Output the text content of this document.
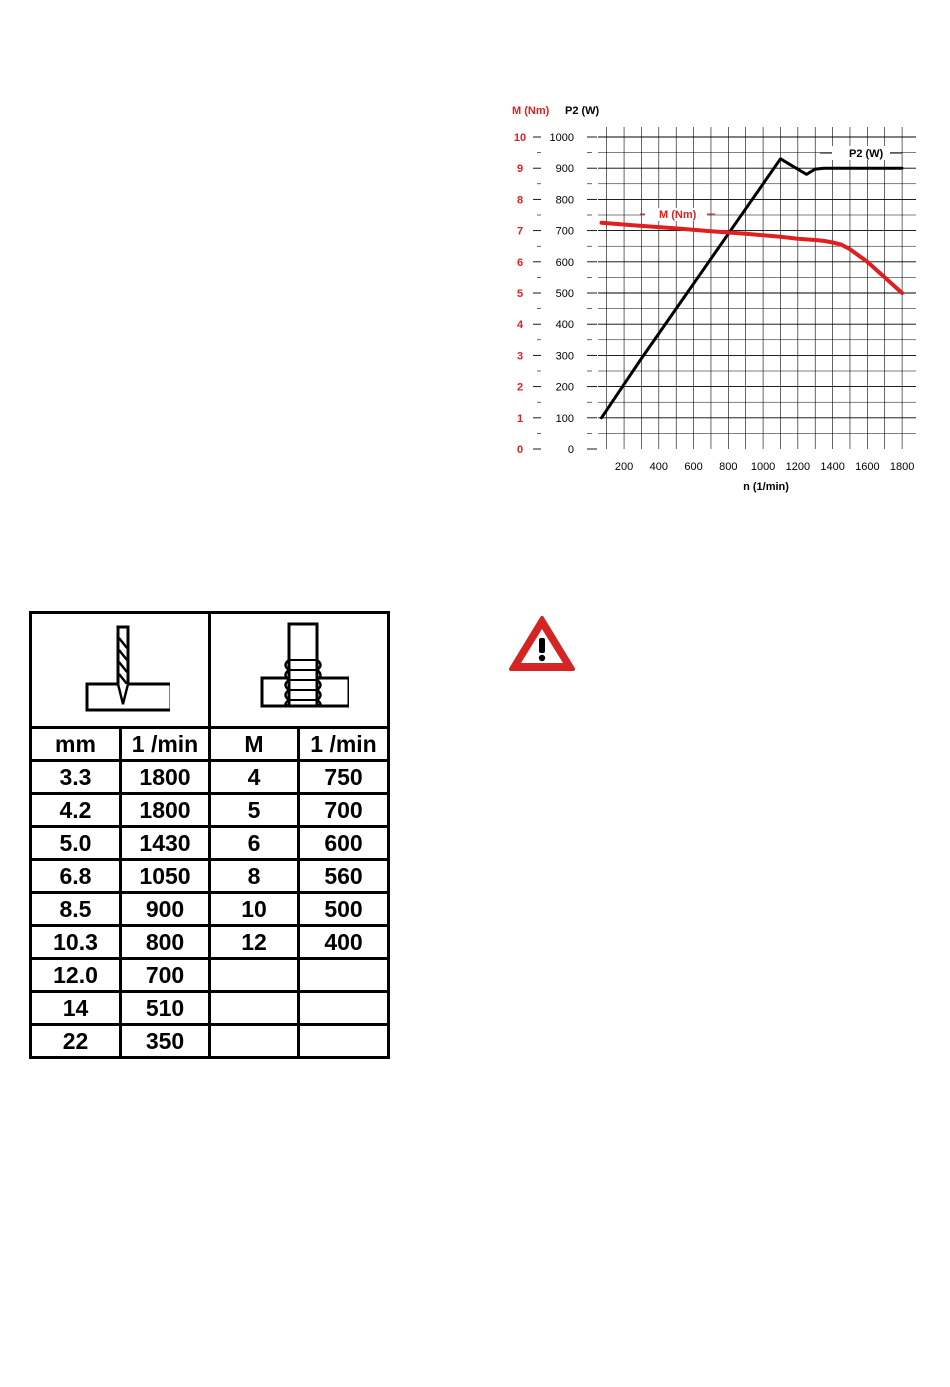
0
1
2
3
4
5
6
7
8
9
10
0
100
200
300
400
500
600
700
800
900
1000
200 400 600 800 1000 1200 1400 1600 1800
M (Nm) P2 (W)
n (1/min)
P2 (W)
M (Nm)

mm	1 /min	M	1 /min
3.3	1800	4	750
4.2	1800	5	700
5.0	1430	6	600
6.8	1050	8	560
8.5	900	10	500
10.3	800	12	400
12.0	700		
14	510		
22	350		
